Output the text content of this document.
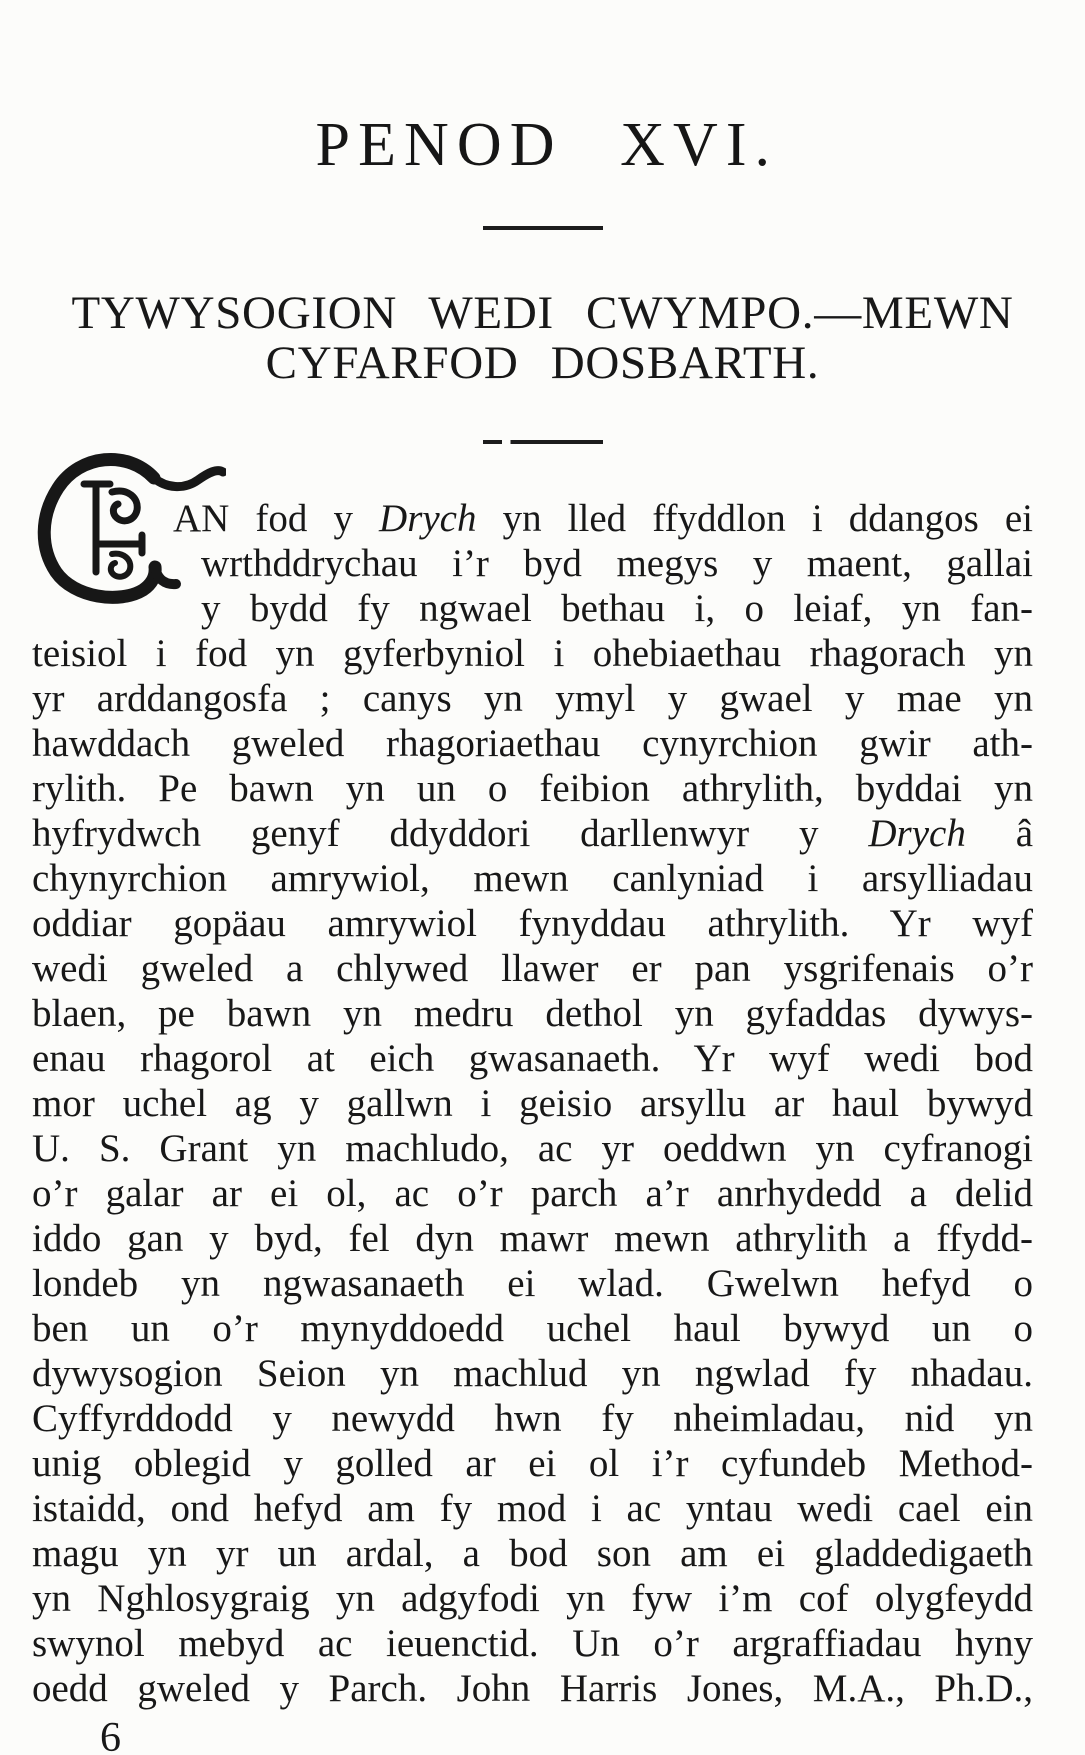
PENOD XVI.
TYWYSOGION WEDI CWYMPO.—MEWN
CYFARFOD DOSBARTH.
AN fod y Drych yn lled ffyddlon i ddangos ei
wrthddrychau i’r byd megys y maent, gallai
y bydd fy ngwael bethau i, o leiaf, yn fan-
teisiol i fod yn gyferbyniol i ohebiaethau rhagorach yn
yr arddangosfa ; canys yn ymyl y gwael y mae yn
hawddach gweled rhagoriaethau cynyrchion gwir ath-
rylith. Pe bawn yn un o feibion athrylith, byddai yn
hyfrydwch genyf ddyddori darllenwyr y Drych â
chynyrchion amrywiol, mewn canlyniad i arsylliadau
oddiar gopäau amrywiol fynyddau athrylith. Yr wyf
wedi gweled a chlywed llawer er pan ysgrifenais o’r
blaen, pe bawn yn medru dethol yn gyfaddas dywys-
enau rhagorol at eich gwasanaeth. Yr wyf wedi bod
mor uchel ag y gallwn i geisio arsyllu ar haul bywyd
U. S. Grant yn machludo, ac yr oeddwn yn cyfranogi
o’r galar ar ei ol, ac o’r parch a’r anrhydedd a delid
iddo gan y byd, fel dyn mawr mewn athrylith a ffydd-
londeb yn ngwasanaeth ei wlad. Gwelwn hefyd o
ben un o’r mynyddoedd uchel haul bywyd un o
dywysogion Seion yn machlud yn ngwlad fy nhadau.
Cyffyrddodd y newydd hwn fy nheimladau, nid yn
unig oblegid y golled ar ei ol i’r cyfundeb Method-
istaidd, ond hefyd am fy mod i ac yntau wedi cael ein
magu yn yr un ardal, a bod son am ei gladdedigaeth
yn Nghlosygraig yn adgyfodi yn fyw i’m cof olygfeydd
swynol mebyd ac ieuenctid. Un o’r argraffiadau hyny
oedd gweled y Parch. John Harris Jones, M.A., Ph.D.,
6
